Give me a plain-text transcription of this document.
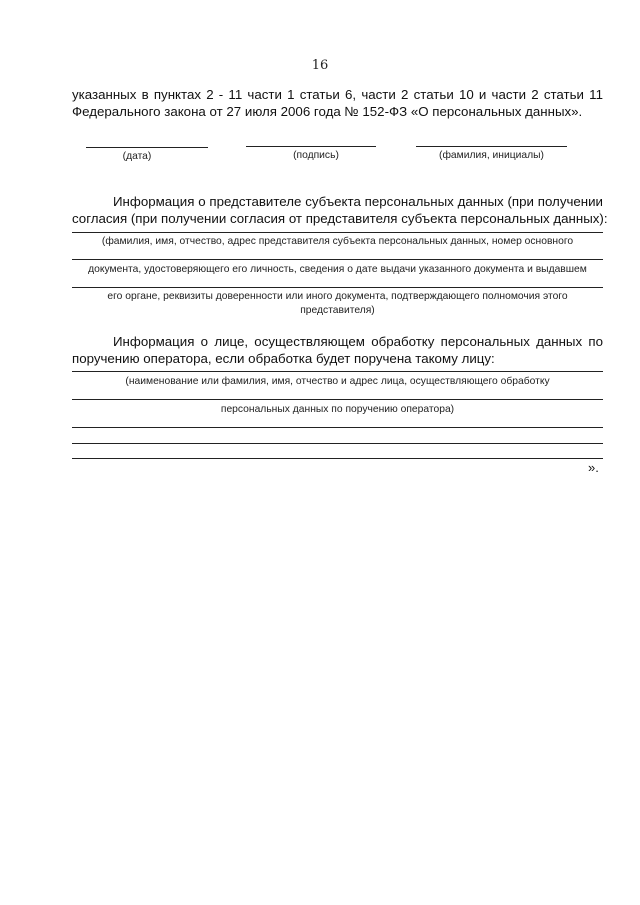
16
указанных в пунктах 2 - 11 части 1 статьи 6, части 2 статьи 10 и части 2 статьи 11
Федерального закона от 27 июля 2006 года № 152-ФЗ «О персональных данных».
(дата)	(подпись)	(фамилия, инициалы)
Информация о представителе субъекта персональных данных (при получении
согласия (при получении согласия от представителя субъекта персональных данных):
(фамилия, имя, отчество, адрес представителя субъекта персональных данных, номер основного
документа, удостоверяющего его личность, сведения о дате выдачи указанного документа и выдавшем
его органе, реквизиты доверенности или иного документа, подтверждающего полномочия этого
представителя)
Информация о лице, осуществляющем обработку персональных данных по
поручению оператора, если обработка будет поручена такому лицу:
(наименование или фамилия, имя, отчество и адрес лица, осуществляющего обработку
персональных данных по поручению оператора)
».
